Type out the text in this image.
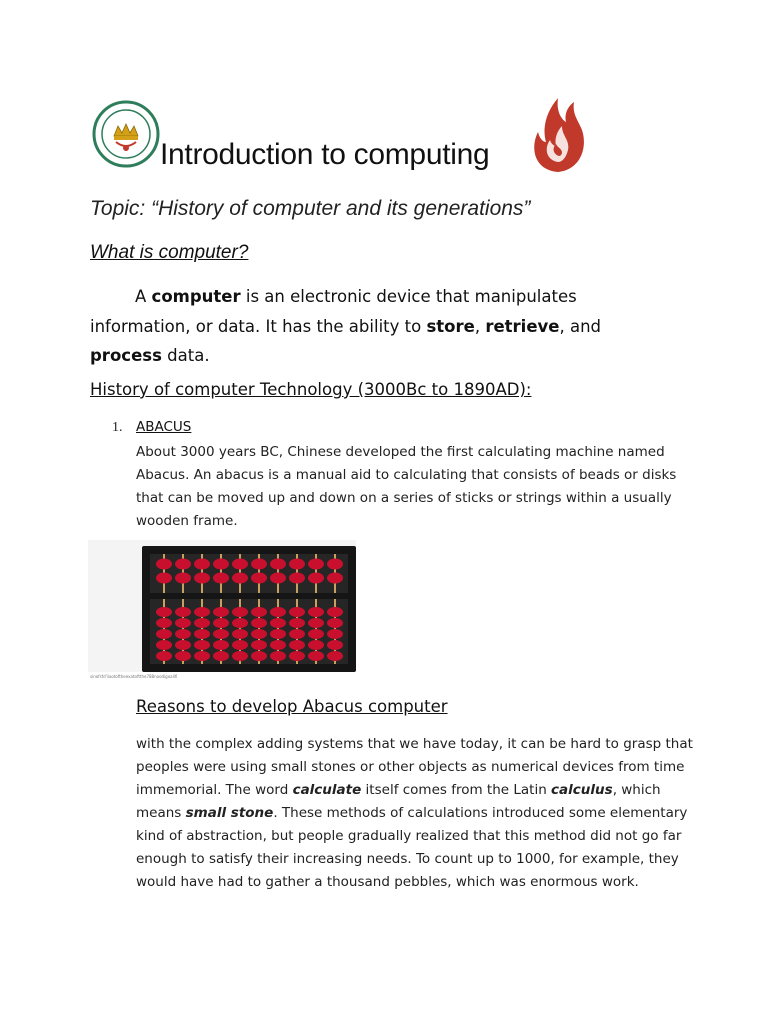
Introduction to computing
Topic: “History of computer and its generations”
What is computer?
A computer is an electronic device that manipulates information, or data. It has the ability to store, retrieve, and process data.
History of computer Technology (3000Bc to 1890AD):
1. ABACUS
About 3000 years BC, Chinese developed the first calculating machine named Abacus. An abacus is a manual aid to calculating that consists of beads or disks that can be moved up and down on a series of sticks or strings within a usually wooden frame.
sinofsfd'iiaotoftheexatoftthe788noodigoalifi
Reasons to develop Abacus computer
with the complex adding systems that we have today, it can be hard to grasp that peoples were using small stones or other objects as numerical devices from time immemorial. The word calculate itself comes from the Latin calculus, which means small stone. These methods of calculations introduced some elementary kind of abstraction, but people gradually realized that this method did not go far enough to satisfy their increasing needs. To count up to 1000, for example, they would have had to gather a thousand pebbles, which was enormous work.
